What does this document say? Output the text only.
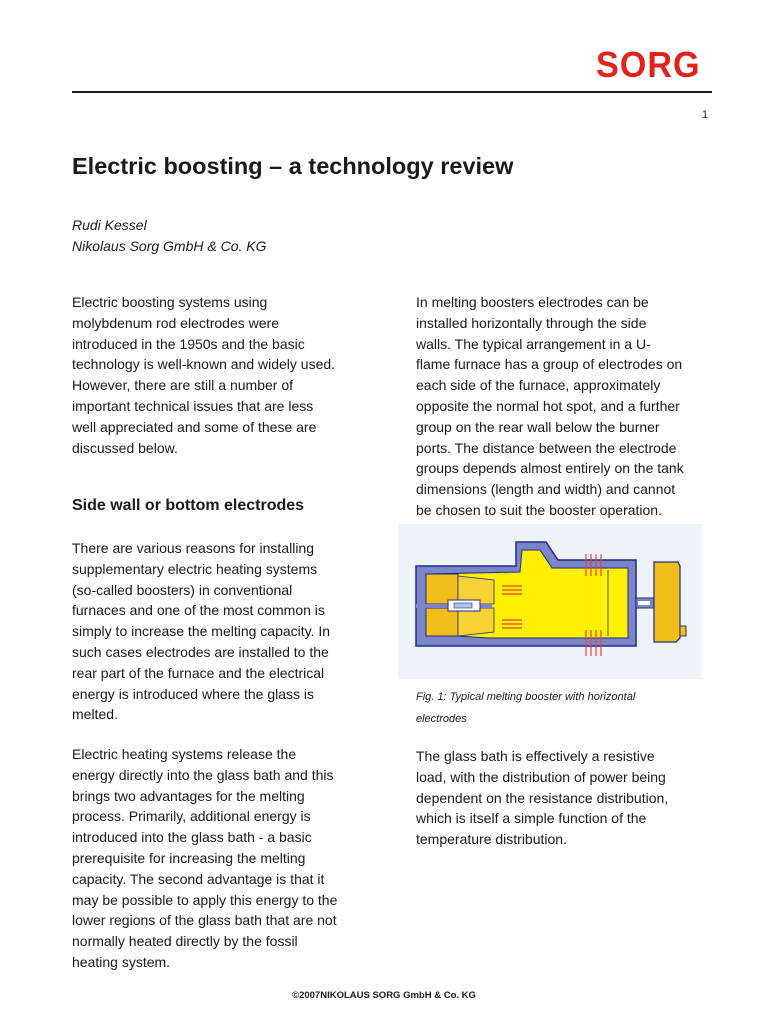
SORG
1
Electric boosting – a technology review
Rudi Kessel
Nikolaus Sorg GmbH & Co. KG

Electric boosting systems using
molybdenum rod electrodes were
introduced in the 1950s and the basic
technology is well-known and widely used.
However, there are still a number of
important technical issues that are less
well appreciated and some of these are
discussed below.

Side wall or bottom electrodes

There are various reasons for installing
supplementary electric heating systems
(so-called boosters) in conventional
furnaces and one of the most common is
simply to increase the melting capacity. In
such cases electrodes are installed to the
rear part of the furnace and the electrical
energy is introduced where the glass is
melted.

Electric heating systems release the
energy directly into the glass bath and this
brings two advantages for the melting
process. Primarily, additional energy is
introduced into the glass bath - a basic
prerequisite for increasing the melting
capacity. The second advantage is that it
may be possible to apply this energy to the
lower regions of the glass bath that are not
normally heated directly by the fossil
heating system.

In melting boosters electrodes can be
installed horizontally through the side
walls. The typical arrangement in a U-
flame furnace has a group of electrodes on
each side of the furnace, approximately
opposite the normal hot spot, and a further
group on the rear wall below the burner
ports. The distance between the electrode
groups depends almost entirely on the tank
dimensions (length and width) and cannot
be chosen to suit the booster operation.

Fig. 1: Typical melting booster with horizontal
electrodes

The glass bath is effectively a resistive
load, with the distribution of power being
dependent on the resistance distribution,
which is itself a simple function of the
temperature distribution.

©2007NIKOLAUS SORG GmbH & Co. KG
